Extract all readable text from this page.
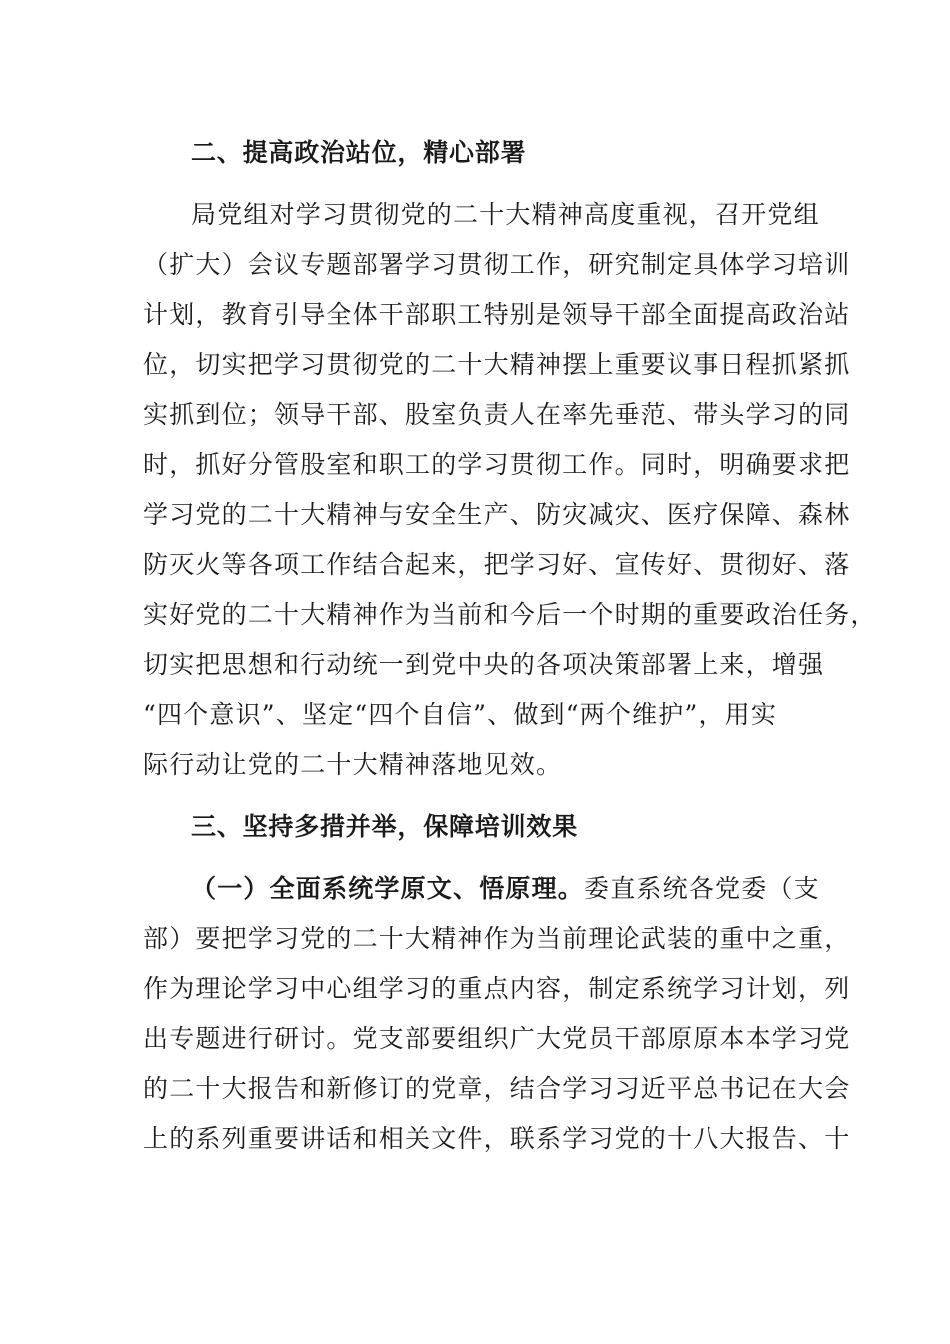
二、提高政治站位，精心部署
局党组对学习贯彻党的二十大精神高度重视，召开党组
（扩大）会议专题部署学习贯彻工作，研究制定具体学习培训
计划，教育引导全体干部职工特别是领导干部全面提高政治站
位，切实把学习贯彻党的二十大精神摆上重要议事日程抓紧抓
实抓到位；领导干部、股室负责人在率先垂范、带头学习的同
时，抓好分管股室和职工的学习贯彻工作。同时，明确要求把
学习党的二十大精神与安全生产、防灾减灾、医疗保障、森林
防灭火等各项工作结合起来，把学习好、宣传好、贯彻好、落
实好党的二十大精神作为当前和今后一个时期的重要政治任务，
切实把思想和行动统一到党中央的各项决策部署上来，增强
“四个意识”、坚定“四个自信”、做到“两个维护”，用实
际行动让党的二十大精神落地见效。
三、坚持多措并举，保障培训效果
（一）全面系统学原文、悟原理。委直系统各党委（支
部）要把学习党的二十大精神作为当前理论武装的重中之重，
作为理论学习中心组学习的重点内容，制定系统学习计划，列
出专题进行研讨。党支部要组织广大党员干部原原本本学习党
的二十大报告和新修订的党章，结合学习习近平总书记在大会
上的系列重要讲话和相关文件，联系学习党的十八大报告、十
